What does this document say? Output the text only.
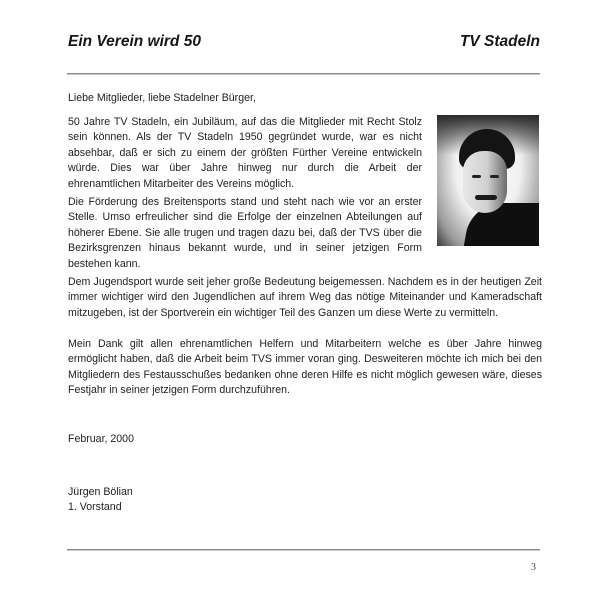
Ein Verein wird 50	TV Stadeln
Liebe Mitglieder, liebe Stadelner Bürger,
50 Jahre TV Stadeln, ein Jubiläum, auf das die Mitglieder mit Recht Stolz sein können. Als der TV Stadeln 1950 gegründet wurde, war es nicht absehbar, daß er sich zu einem der größten Fürther Vereine entwickeln würde. Dies war über Jahre hinweg nur durch die Arbeit der ehrenamtlichen Mitarbeiter des Vereins möglich.
Die Förderung des Breitensports stand und steht nach wie vor an erster Stelle. Umso erfreulicher sind die Erfolge der einzelnen Abteilungen auf höherer Ebene. Sie alle trugen und tragen dazu bei, daß der TVS über die Bezirksgrenzen hinaus bekannt wurde, und in seiner jetzigen Form bestehen kann.
Dem Jugendsport wurde seit jeher große Bedeutung beigemessen. Nachdem es in der heutigen Zeit immer wichtiger wird den Jugendlichen auf ihrem Weg das nötige Miteinander und Kameradschaft mitzugeben, ist der Sportverein ein wichtiger Teil des Ganzen um diese Werte zu vermitteln.
Mein Dank gilt allen ehrenamtlichen Helfern und Mitarbeitern welche es über Jahre hinweg ermöglicht haben, daß die Arbeit beim TVS immer voran ging. Desweiteren möchte ich mich bei den Mitgliedern des Festausschußes bedanken ohne deren Hilfe es nicht möglich gewesen wäre, dieses Festjahr in seiner jetzigen Form durchzuführen.
Februar, 2000
Jürgen Bölian
1. Vorstand
3
